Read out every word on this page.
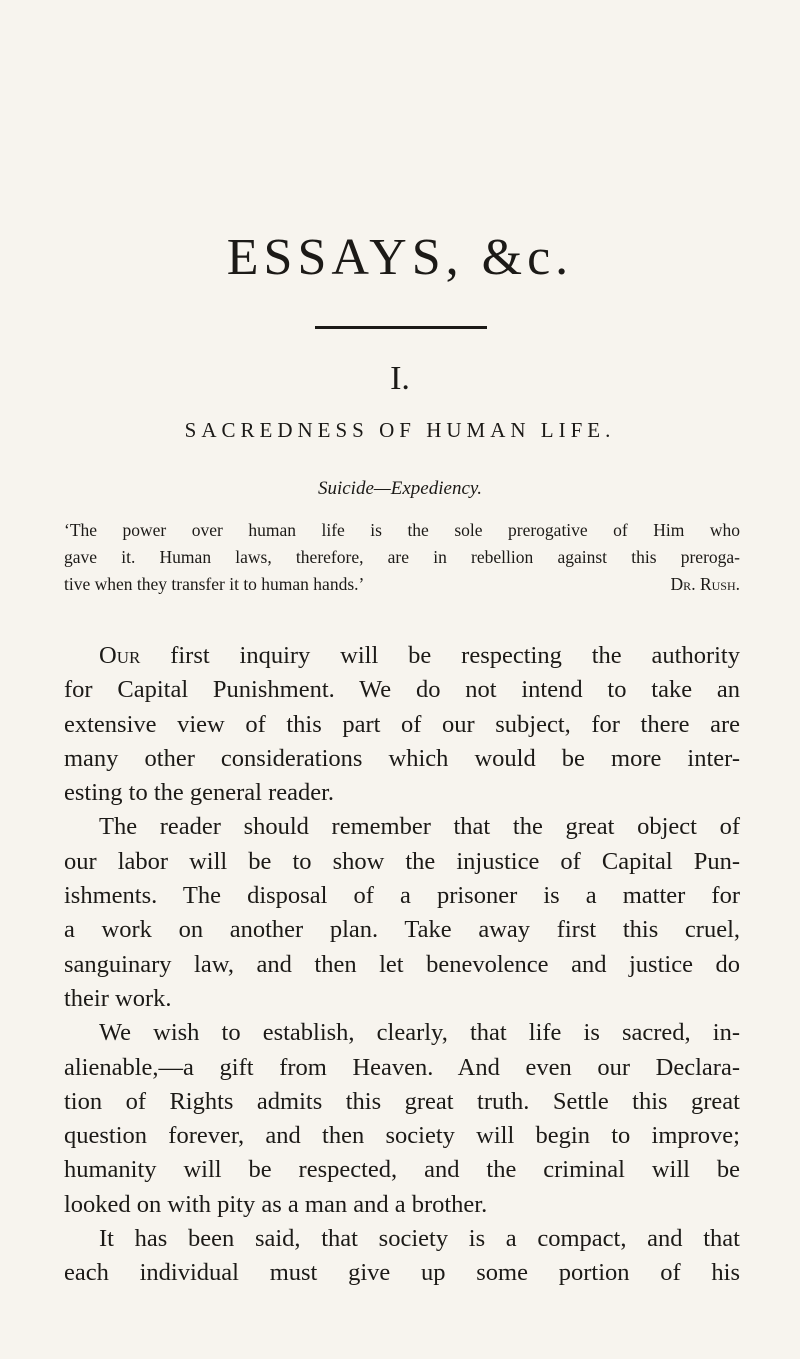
ESSAYS, &c.
I.
SACREDNESS OF HUMAN LIFE.
Suicide—Expediency.
‘The power over human life is the sole prerogative of Him who
gave it. Human laws, therefore, are in rebellion against this preroga-
tive when they transfer it to human hands.’	Dr. Rush.
Our first inquiry will be respecting the authority
for Capital Punishment. We do not intend to take an
extensive view of this part of our subject, for there are
many other considerations which would be more inter-
esting to the general reader.
The reader should remember that the great object of
our labor will be to show the injustice of Capital Pun-
ishments. The disposal of a prisoner is a matter for
a work on another plan. Take away first this cruel,
sanguinary law, and then let benevolence and justice do
their work.
We wish to establish, clearly, that life is sacred, in-
alienable,—a gift from Heaven. And even our Declara-
tion of Rights admits this great truth. Settle this great
question forever, and then society will begin to improve;
humanity will be respected, and the criminal will be
looked on with pity as a man and a brother.
It has been said, that society is a compact, and that
each individual must give up some portion of his
